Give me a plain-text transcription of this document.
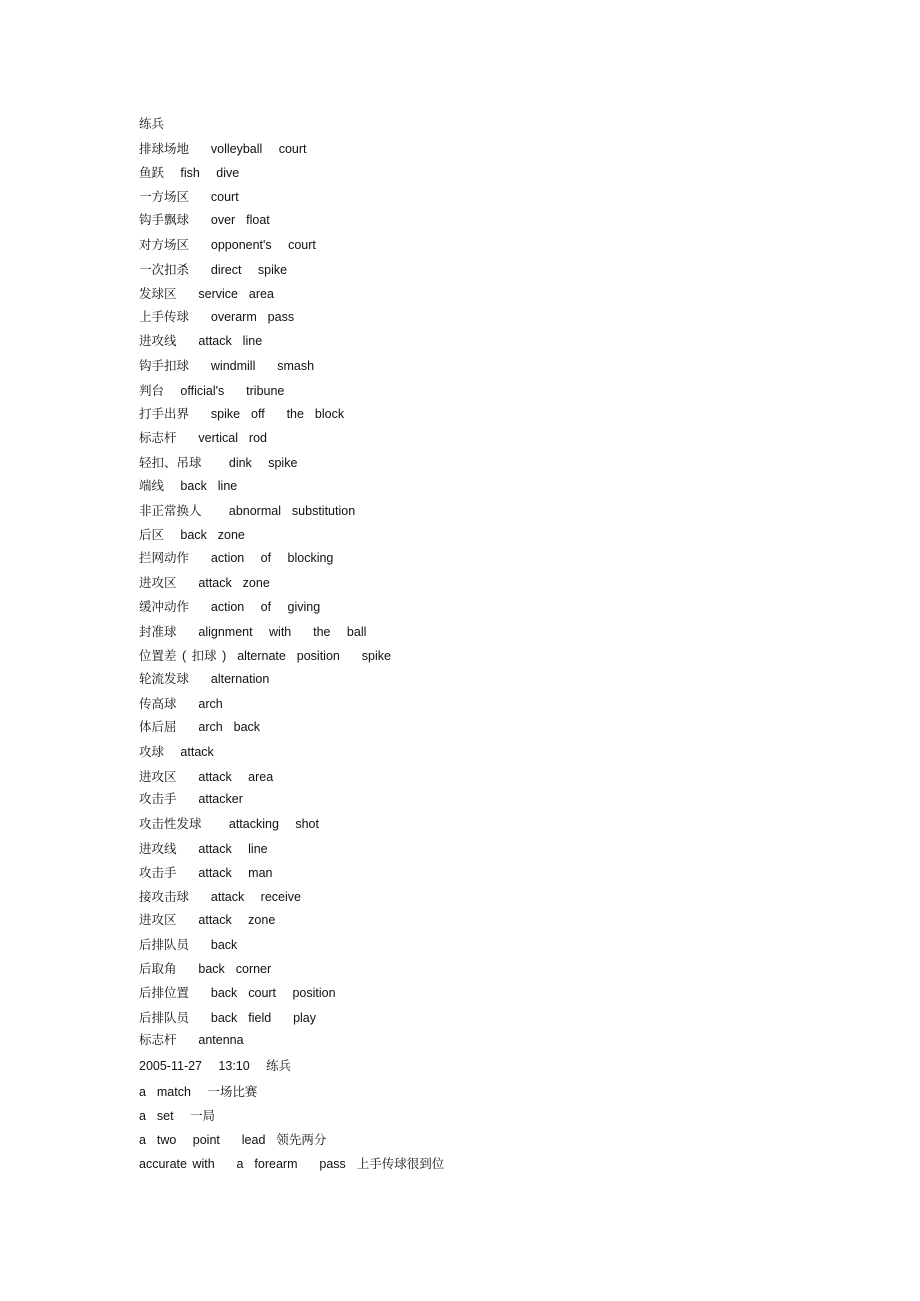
练兵
排球场地    volleyball   court
鱼跃   fish   dive
一方场区    court
钩手飘球    over  float
对方场区    opponent's   court
一次扣杀    direct   spike
发球区    service  area
上手传球    overarm  pass
进攻线    attack  line
钩手扣球    windmill    smash
判台   official's    tribune
打手出界    spike  off    the  block
标志杆    vertical  rod
轻扣、吊球     dink   spike
端线   back  line
非正常换人     abnormal  substitution
后区   back  zone
拦网动作    action   of   blocking
进攻区    attack  zone
缓冲动作    action   of   giving
封准球    alignment   with    the   ball
位置差 ( 扣球 )  alternate  position    spike
轮流发球    alternation
传高球    arch
体后屈    arch  back
攻球   attack
进攻区    attack   area
攻击手    attacker
攻击性发球     attacking   shot
进攻线    attack   line
攻击手    attack   man
接攻击球    attack   receive
进攻区    attack   zone
后排队员    back
后取角    back  corner
后排位置    back  court   position
后排队员    back  field    play
标志杆    antenna
2005-11-27   13:10   练兵
a  match   一场比赛
a  set   一局
a  two   point    lead  领先两分
accurate with    a  forearm    pass  上手传球很到位
